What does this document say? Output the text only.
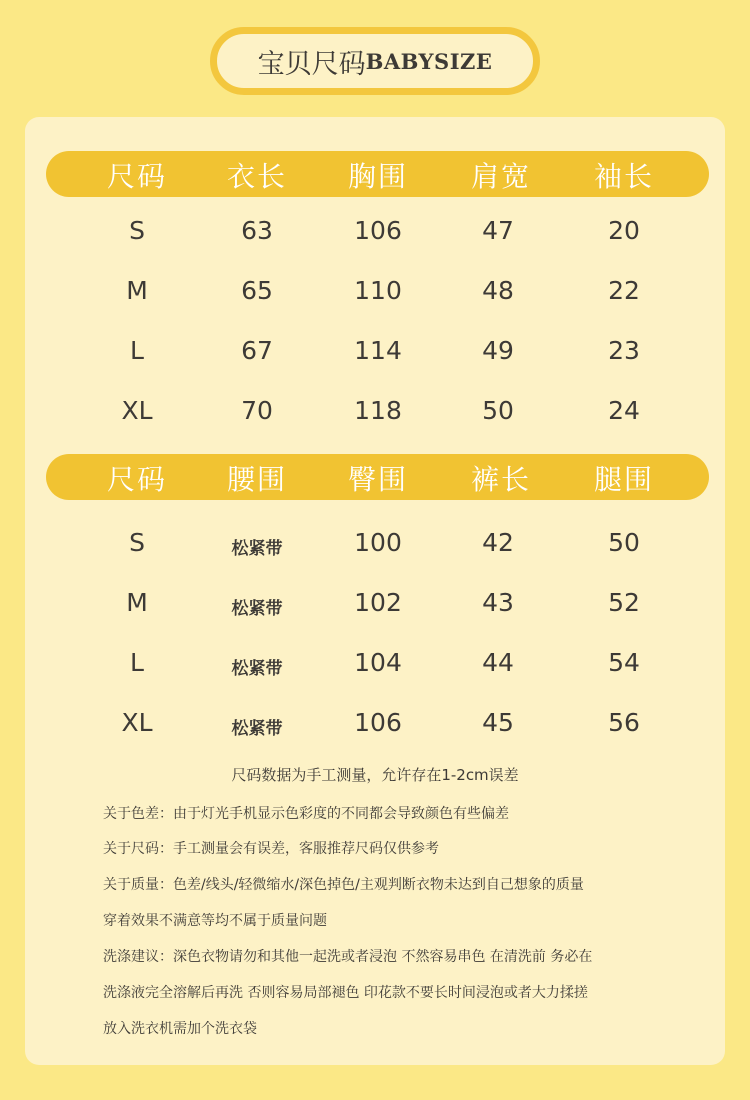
宝贝尺码 BABYSIZE
尺码 衣长 胸围 肩宽 袖长
S	63	106	47	20
M	65	110	48	22
L	67	114	49	23
XL	70	118	50	24
尺码 腰围 臀围 裤长 腿围
S	松紧带	100	42	50
M	松紧带	102	43	52
L	松紧带	104	44	54
XL	松紧带	106	45	56
尺码数据为手工测量，允许存在1-2cm误差
关于色差：由于灯光手机显示色彩度的不同都会导致颜色有些偏差
关于尺码：手工测量会有误差，客服推荐尺码仅供参考
关于质量：色差/线头/轻微缩水/深色掉色/主观判断衣物未达到自己想象的质量
穿着效果不满意等均不属于质量问题
洗涤建议：深色衣物请勿和其他一起洗或者浸泡 不然容易串色 在清洗前 务必在
洗涤液完全溶解后再洗 否则容易局部褪色 印花款不要长时间浸泡或者大力揉搓
放入洗衣机需加个洗衣袋
